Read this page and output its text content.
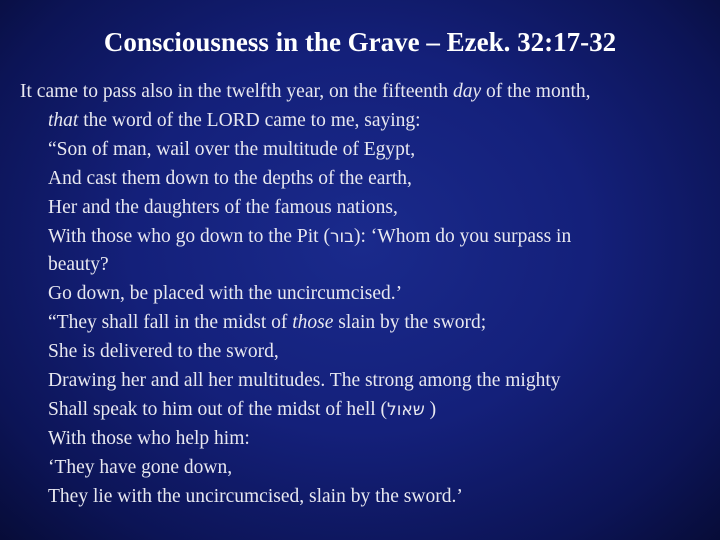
Consciousness in the Grave – Ezek. 32:17-32
It came to pass also in the twelfth year, on the fifteenth day of the month,
that the word of the LORD came to me, saying:
“Son of man, wail over the multitude of Egypt,
And cast them down to the depths of the earth,
Her and the daughters of the famous nations,
With those who go down to the Pit (בור): ‘Whom do you surpass in
beauty?
Go down, be placed with the uncircumcised.’
“They shall fall in the midst of those slain by the sword;
She is delivered to the sword,
Drawing her and all her multitudes. The strong among the mighty
Shall speak to him out of the midst of hell (שאול )
With those who help him:
‘They have gone down,
They lie with the uncircumcised, slain by the sword.’
